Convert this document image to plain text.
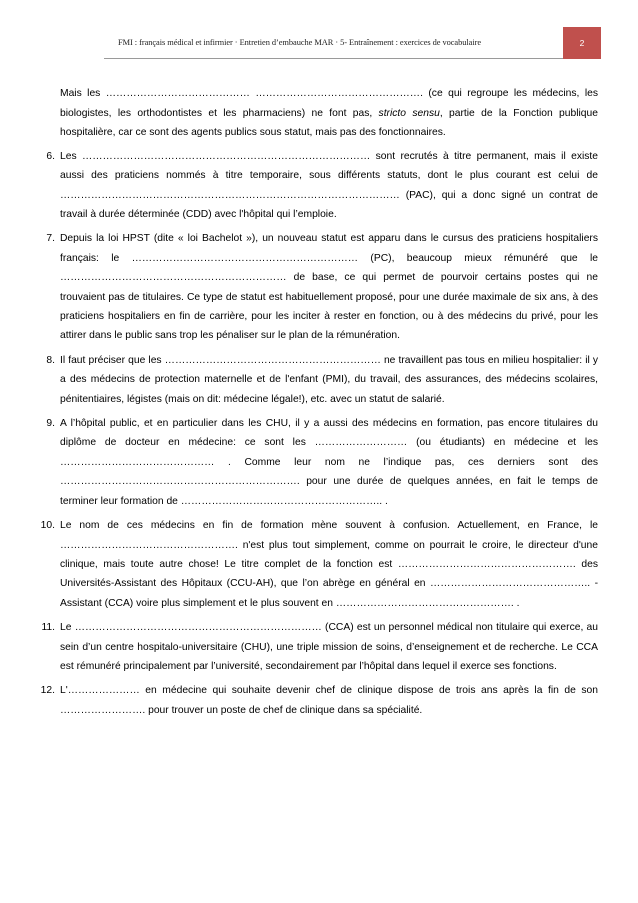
FMI : français médical et infirmier · Entretien d’embauche MAR · 5- Entraînement : exercices de vocabulaire	2

Mais les …………………………………… …………………………………………. (ce qui regroupe les médecins, les biologistes, les orthodontistes et les pharmaciens) ne font pas, stricto sensu, partie de la Fonction publique hospitalière, car ce sont des agents publics sous statut, mais pas des fonctionnaires.

6. Les ………………………………………………………………………… sont recrutés à titre permanent, mais il existe aussi des praticiens nommés à titre temporaire, sous différents statuts, dont le plus courant est celui de ……………………………………………………………………………………… (PAC), qui a donc signé un contrat de travail à durée déterminée (CDD) avec l'hôpital qui l’emploie.
7. Depuis la loi HPST (dite « loi Bachelot »), un nouveau statut est apparu dans le cursus des praticiens hospitaliers français: le ………………………………………………………… (PC), beaucoup mieux rémunéré que le ………………………………………………………… de base, ce qui permet de pourvoir certains postes qui ne trouvaient pas de titulaires. Ce type de statut est habituellement proposé, pour une durée maximale de six ans, à des praticiens hospitaliers en fin de carrière, pour les inciter à rester en fonction, ou à des médecins du privé, pour les attirer dans le public sans trop les pénaliser sur le plan de la rémunération.
8. Il faut préciser que les ……………………………………………………… ne travaillent pas tous en milieu hospitalier: il y a des médecins de protection maternelle et de l'enfant (PMI), du travail, des assurances, des médecins scolaires, pénitentiaires, légistes (mais on dit: médecine légale!), etc. avec un statut de salarié.
9. A l’hôpital public, et en particulier dans les CHU, il y a aussi des médecins en formation, pas encore titulaires du diplôme de docteur en médecine: ce sont les ……………………… (ou étudiants) en médecine et les ……………………………………… . Comme leur nom ne l’indique pas, ces derniers sont des ……………………………………………………………. pour une durée de quelques années, en fait le temps de terminer leur formation de ………………………………………………….. .
10. Le nom de ces médecins en fin de formation mène souvent à confusion. Actuellement, en France, le ……………………………………………. n'est plus tout simplement, comme on pourrait le croire, le directeur d'une clinique, mais toute autre chose! Le titre complet de la fonction est ……………………………………………. des Universités-Assistant des Hôpitaux (CCU-AH), que l’on abrège en général en ……………………………………….. -Assistant (CCA) voire plus simplement et le plus souvent en ……………………………………………. .
11. Le ……………………………………………………………… (CCA) est un personnel médical non titulaire qui exerce, au sein d’un centre hospitalo-universitaire (CHU), une triple mission de soins, d’enseignement et de recherche. Le CCA est rémunéré principalement par l’université, secondairement par l’hôpital dans lequel il exerce ses fonctions.
12. L'………………… en médecine qui souhaite devenir chef de clinique dispose de trois ans après la fin de son ……………………. pour trouver un poste de chef de clinique dans sa spécialité.
